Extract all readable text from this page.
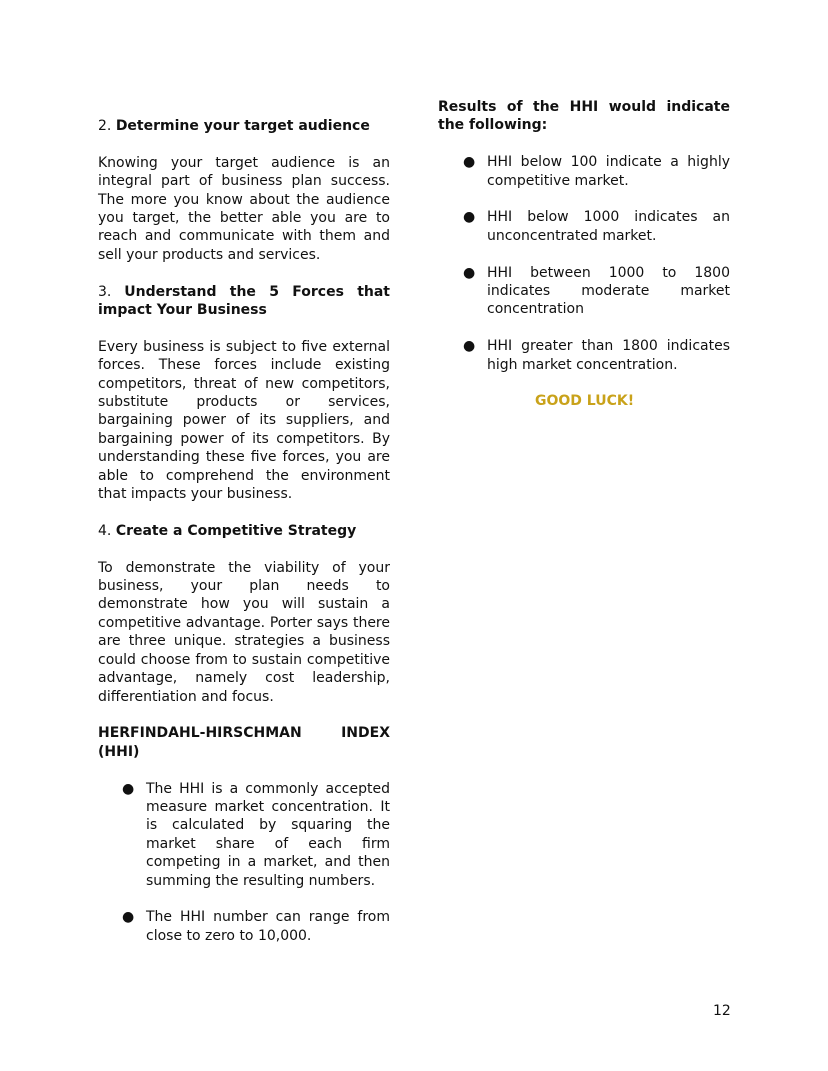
2. Determine your target audience

Knowing your target audience is an integral part of business plan success. The more you know about the audience you target, the better able you are to reach and communicate with them and sell your products and services.

3. Understand the 5 Forces that impact Your Business

Every business is subject to five external forces. These forces include existing competitors, threat of new competitors, substitute products or services, bargaining power of its suppliers, and bargaining power of its competitors. By understanding these five forces, you are able to comprehend the environment that impacts your business.

4. Create a Competitive Strategy

To demonstrate the viability of your business, your plan needs to demonstrate how you will sustain a competitive advantage. Porter says there are three unique. strategies a business could choose from to sustain competitive advantage, namely cost leadership, differentiation and focus.

HERFINDAHL-HIRSCHMAN INDEX (HHI)

● The HHI is a commonly accepted measure market concentration. It is calculated by squaring the market share of each firm competing in a market, and then summing the resulting numbers.
● The HHI number can range from close to zero to 10,000.

Results of the HHI would indicate the following:

● HHI below 100 indicate a highly competitive market.
● HHI below 1000 indicates an unconcentrated market.
● HHI between 1000 to 1800 indicates moderate market concentration
● HHI greater than 1800 indicates high market concentration.

GOOD LUCK!

12
